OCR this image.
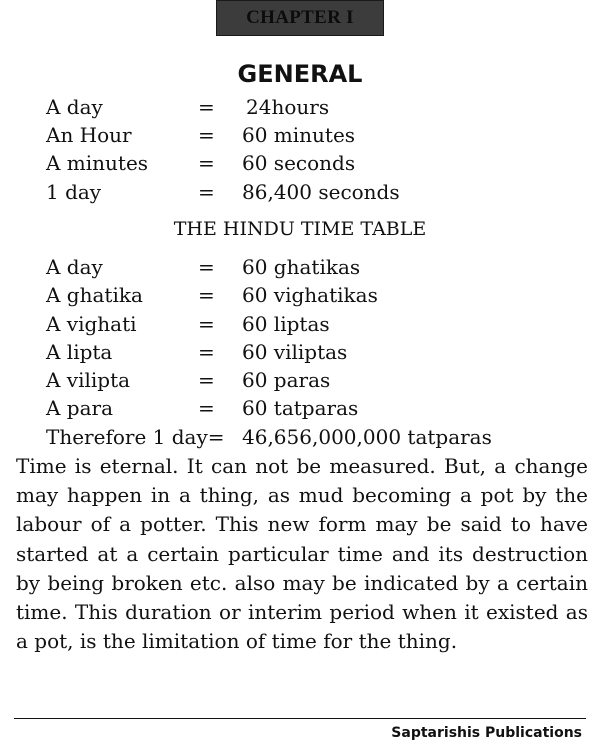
CHAPTER I
GENERAL
A day	= 24hours
An Hour	= 60 minutes
A minutes = 60 seconds
1 day	= 86,400 seconds
THE HINDU TIME TABLE
A day	= 60 ghatikas
A ghatika	= 60 vighatikas
A vighati	= 60 liptas
A lipta	= 60 viliptas
A vilipta	= 60 paras
A para	= 60 tatparas
Therefore 1 day= 46,656,000,000 tatparas
Time is eternal. It can not be measured. But, a change may happen in a thing, as mud becoming a pot by the labour of a potter. This new form may be said to have started at a certain particular time and its destruction by being broken etc. also may be indicated by a certain time. This duration or interim period when it existed as a pot, is the limitation of time for the thing.
Saptarishis Publications
